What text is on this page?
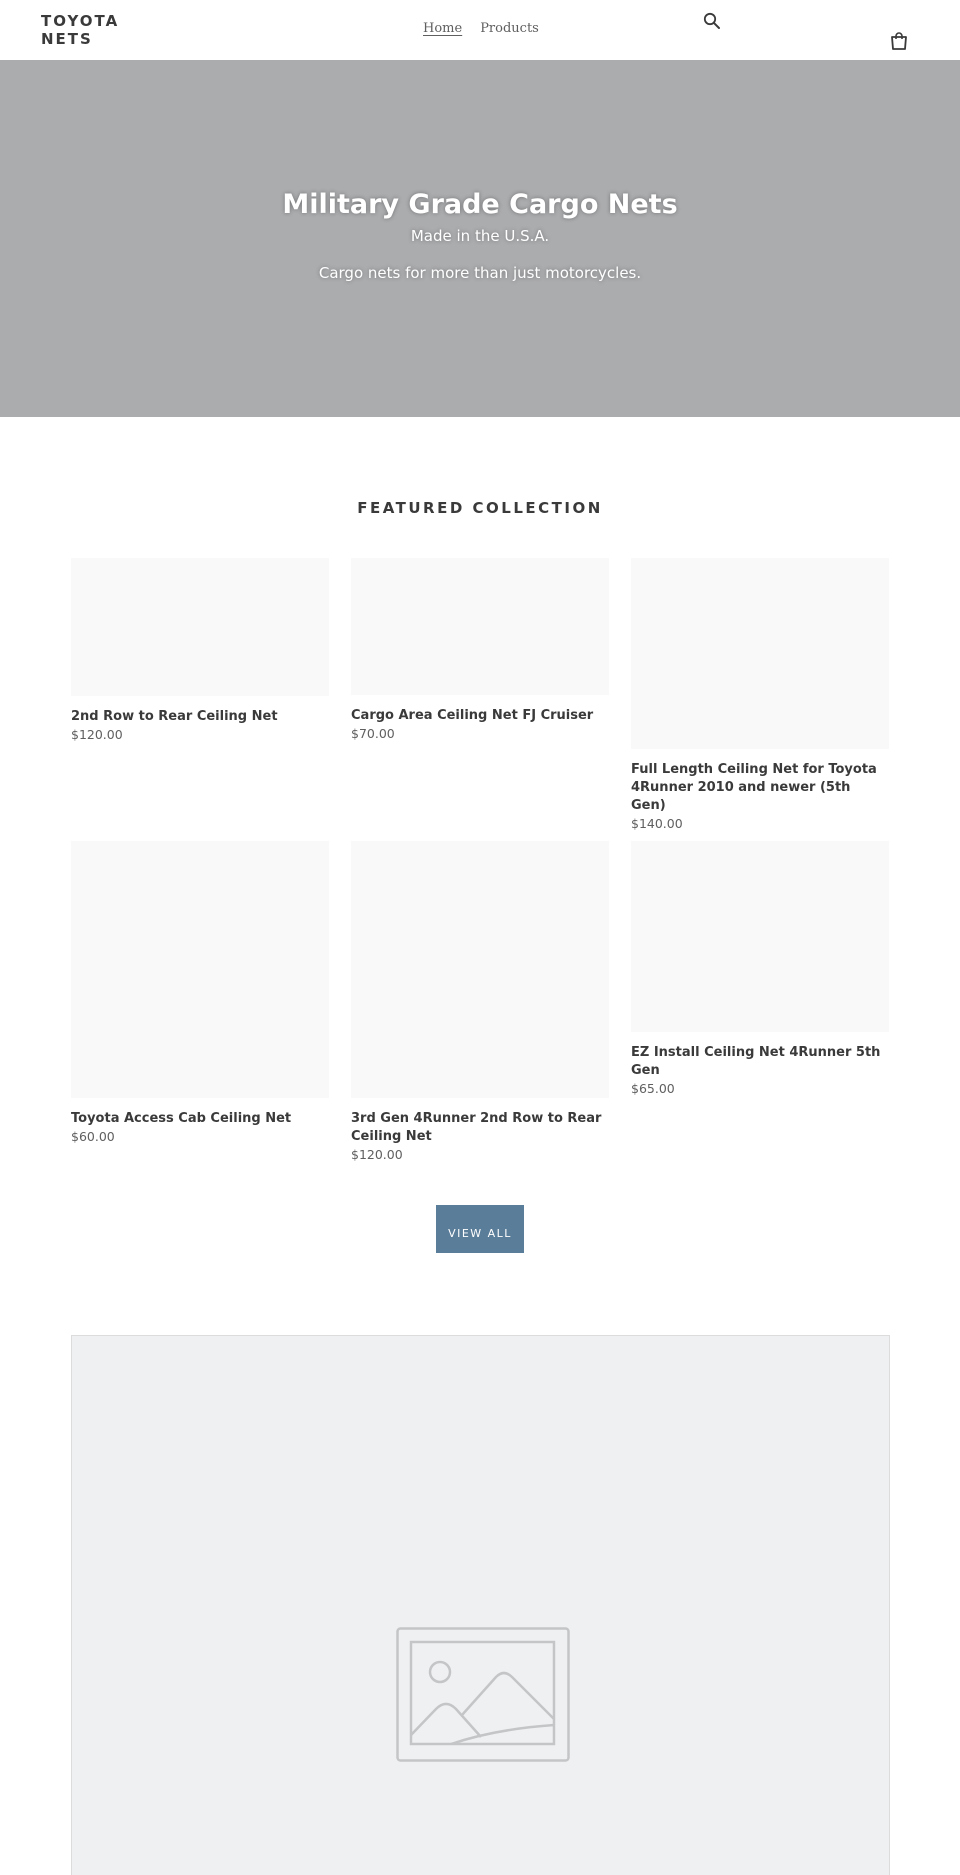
TOYOTA NETS
Home Products
Military Grade Cargo Nets
Made in the U.S.A.
Cargo nets for more than just motorcycles.
FEATURED COLLECTION
2nd Row to Rear Ceiling Net
$120.00
Cargo Area Ceiling Net FJ Cruiser
$70.00
Full Length Ceiling Net for Toyota 4Runner 2010 and newer (5th Gen)
$140.00
Toyota Access Cab Ceiling Net
$60.00
3rd Gen 4Runner 2nd Row to Rear Ceiling Net
$120.00
EZ Install Ceiling Net 4Runner 5th Gen
$65.00
VIEW ALL
